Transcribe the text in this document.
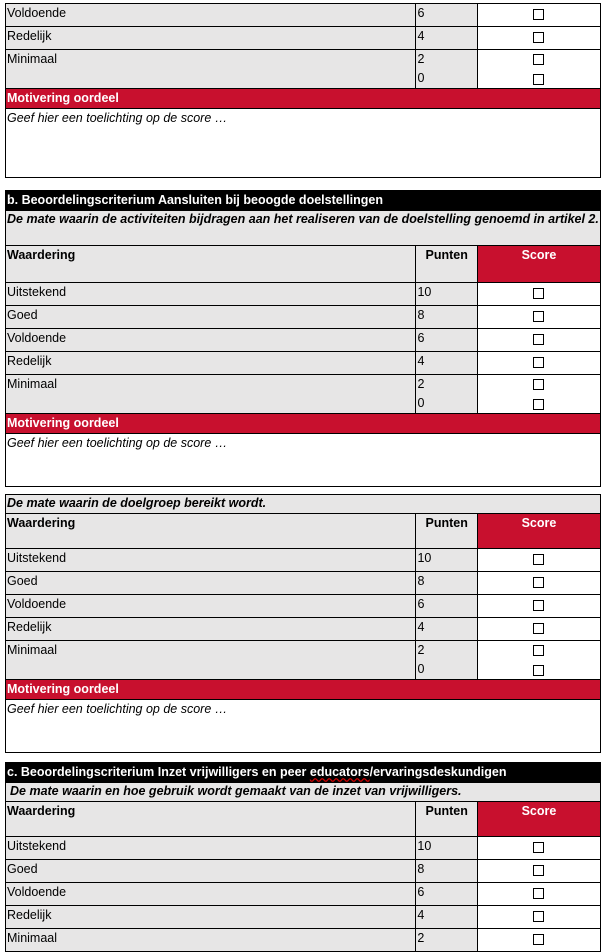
Voldoende	6	
Redelijk	4	
Minimaal	2
0	

Motivering oordeel		
Geef hier een toelichting op de score …		
b. Beoordelingscriterium Aansluiten bij beoogde doelstellingen		
De mate waarin de activiteiten bijdragen aan het realiseren van de doelstelling genoemd in artikel 2.		
Waardering	Punten	Score
Uitstekend	10	
Goed	8	
Voldoende	6	
Redelijk	4	
Minimaal	2
0	

Motivering oordeel		
Geef hier een toelichting op de score …		
De mate waarin de doelgroep bereikt wordt.		
Waardering	Punten	Score
Uitstekend	10	
Goed	8	
Voldoende	6	
Redelijk	4	
Minimaal	2
0	

Motivering oordeel		
Geef hier een toelichting op de score …		
c. Beoordelingscriterium Inzet vrijwilligers en peer educators/ervaringsdeskundigen		
De mate waarin en hoe gebruik wordt gemaakt van de inzet van vrijwilligers.		
Waardering	Punten	Score
Uitstekend	10	
Goed	8	
Voldoende	6	
Redelijk	4	
Minimaal	2	
